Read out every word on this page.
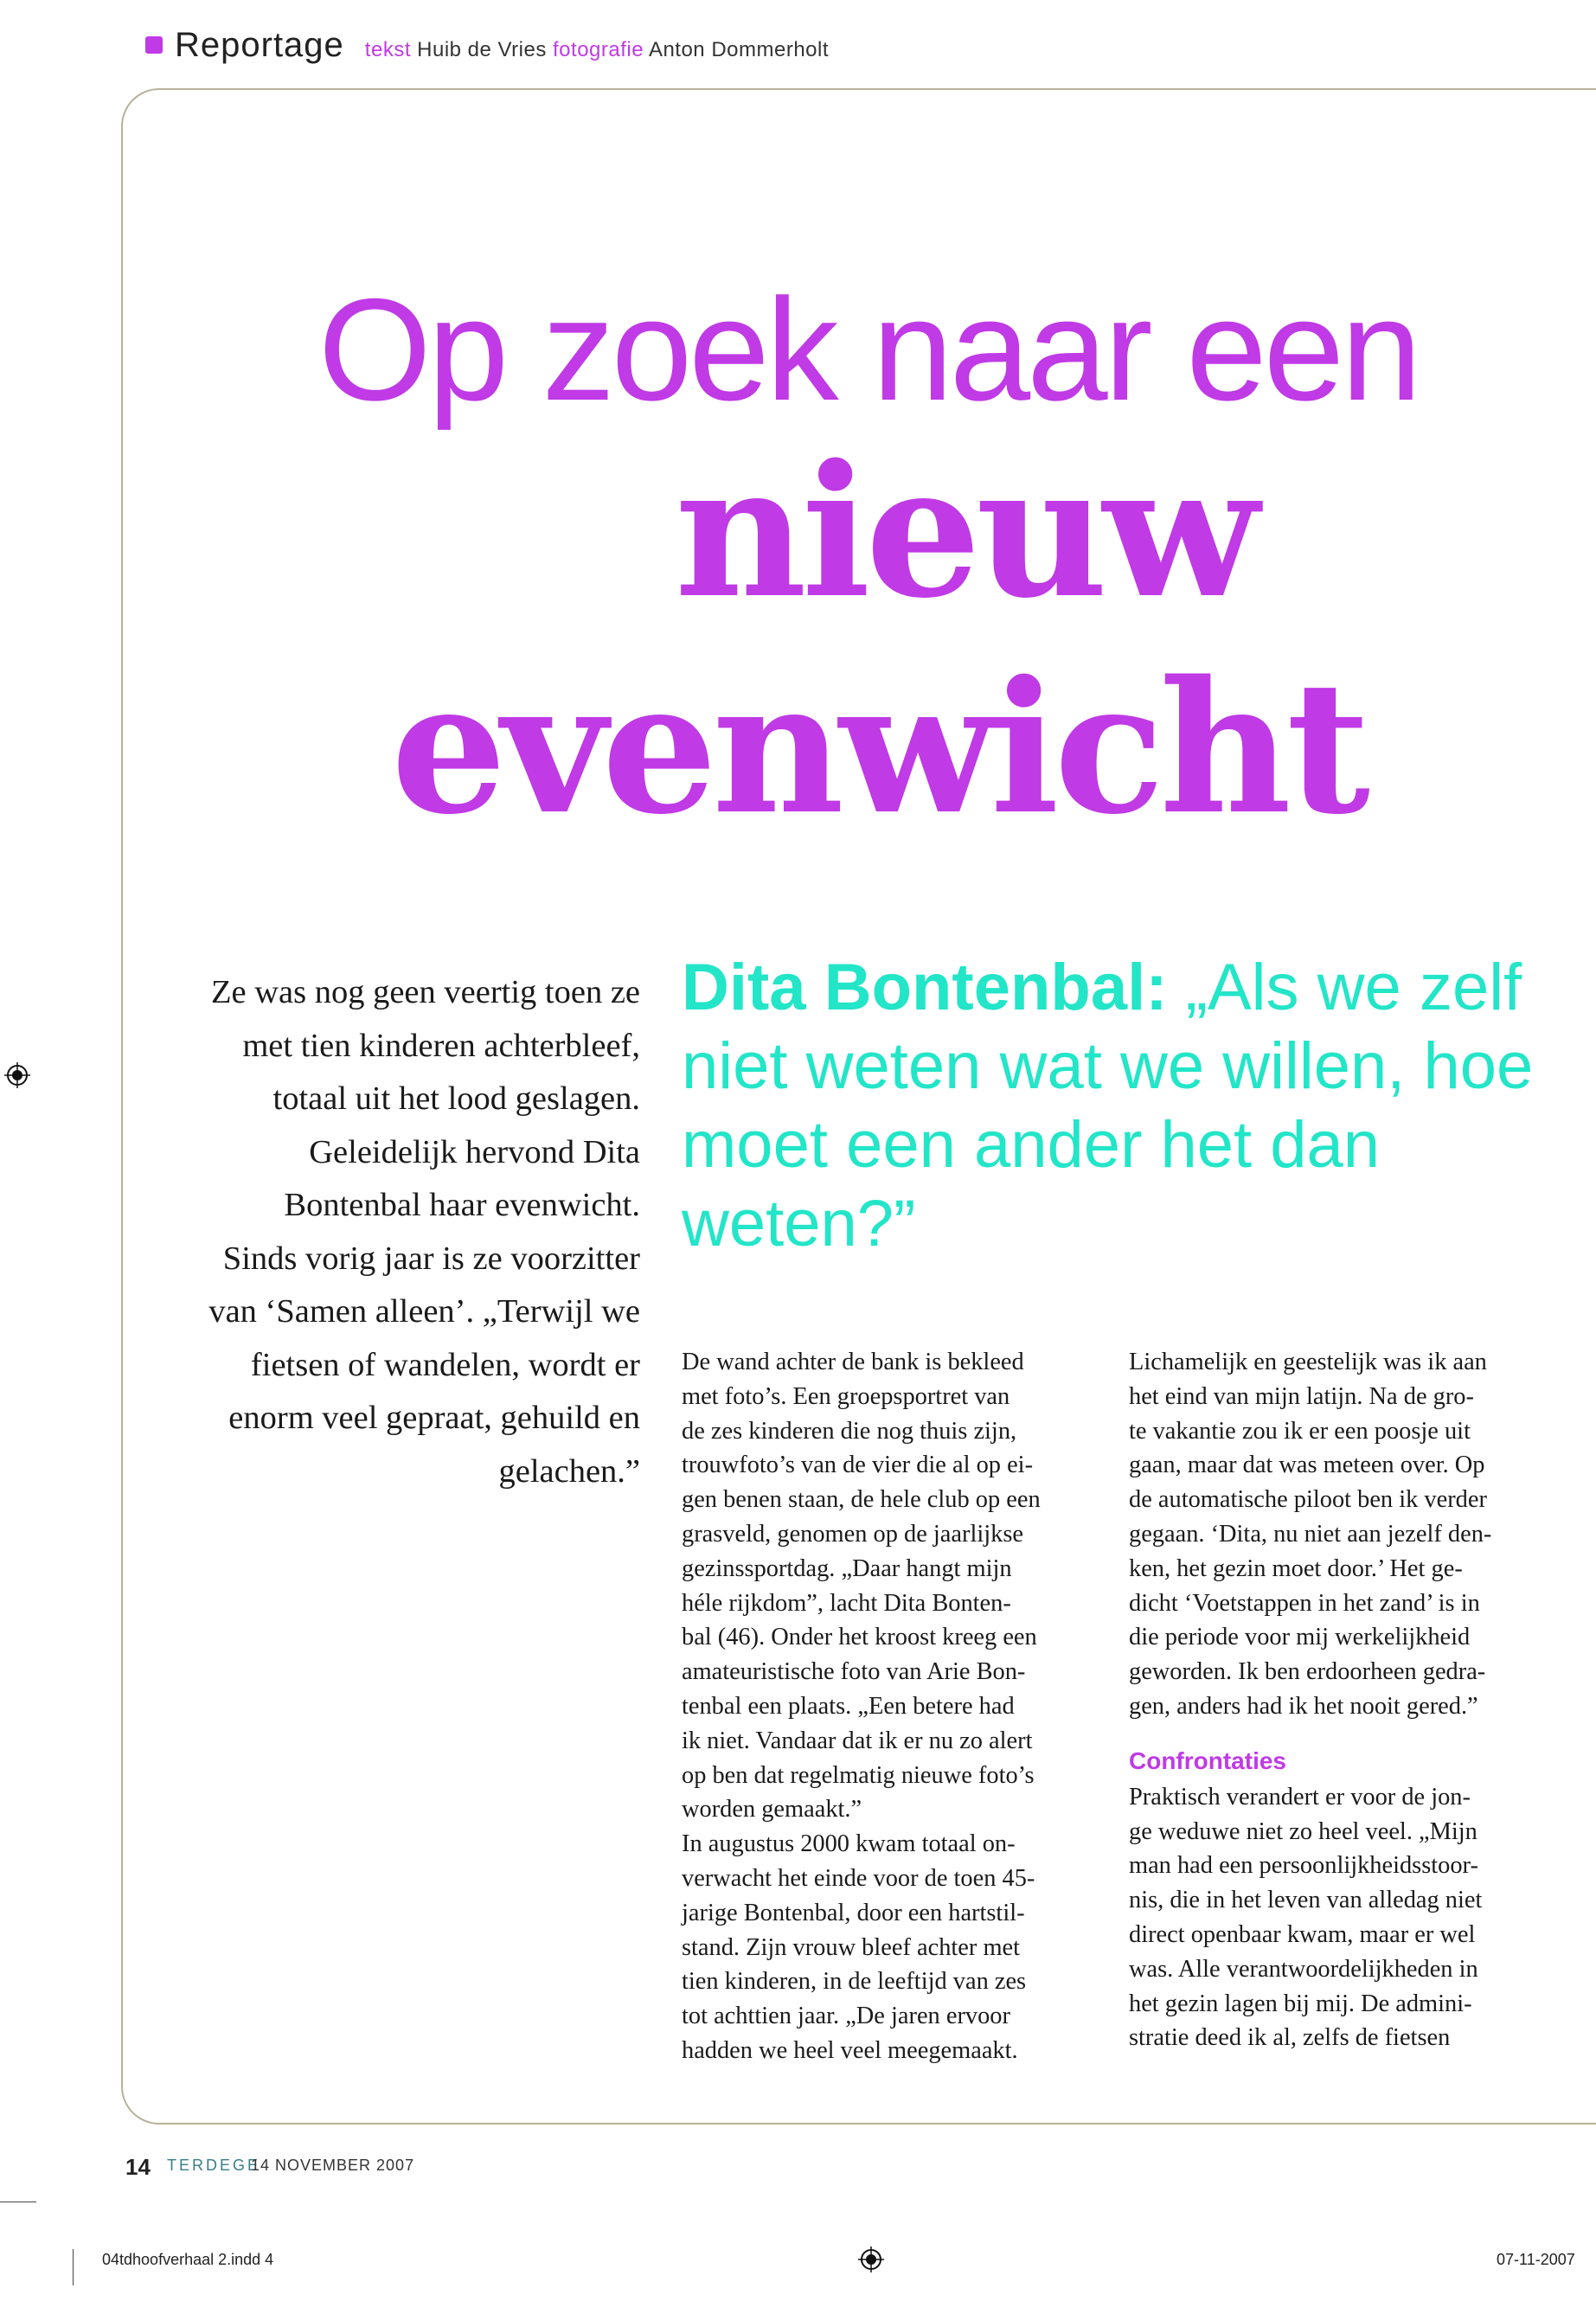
Reportage tekst Huib de Vries fotografie Anton Dommerholt
Op zoek naar een
nieuw
evenwicht
Ze was nog geen veertig toen ze met tien kinderen achterbleef, totaal uit het lood geslagen. Geleidelijk hervond Dita Bontenbal haar evenwicht. Sinds vorig jaar is ze voorzitter van ‘Samen alleen’. „Terwijl we fietsen of wandelen, wordt er enorm veel gepraat, gehuild en gelachen.”
Dita Bontenbal: „Als we zelf niet weten wat we willen, hoe moet een ander het dan weten?”

De wand achter de bank is bekleed
met foto’s. Een groepsportret van
de zes kinderen die nog thuis zijn,
trouwfoto’s van de vier die al op ei-
gen benen staan, de hele club op een
grasveld, genomen op de jaarlijkse
gezinssportdag. „Daar hangt mijn
héle rijkdom”, lacht Dita Bonten-
bal (46). Onder het kroost kreeg een
amateuristische foto van Arie Bon-
tenbal een plaats. „Een betere had
ik niet. Vandaar dat ik er nu zo alert
op ben dat regelmatig nieuwe foto’s
worden gemaakt.”

In augustus 2000 kwam totaal on-
verwacht het einde voor de toen 45-
jarige Bontenbal, door een hartstil-
stand. Zijn vrouw bleef achter met
tien kinderen, in de leeftijd van zes
tot achttien jaar. „De jaren ervoor
hadden we heel veel meegemaakt.

Lichamelijk en geestelijk was ik aan
het eind van mijn latijn. Na de gro-
te vakantie zou ik er een poosje uit
gaan, maar dat was meteen over. Op
de automatische piloot ben ik verder
gegaan. ‘Dita, nu niet aan jezelf den-
ken, het gezin moet door.’ Het ge-
dicht ‘Voetstappen in het zand’ is in
die periode voor mij werkelijkheid
geworden. Ik ben erdoorheen gedra-
gen, anders had ik het nooit gered.”

Confrontaties

Praktisch verandert er voor de jon-
ge weduwe niet zo heel veel. „Mijn
man had een persoonlijkheidsstoor-
nis, die in het leven van alledag niet
direct openbaar kwam, maar er wel
was. Alle verantwoordelijkheden in
het gezin lagen bij mij. De admini-
stratie deed ik al, zelfs de fietsen

14 TERDEGE
14 NOVEMBER 2007
04tdhoofverhaal 2.indd 4	07-11-2007
